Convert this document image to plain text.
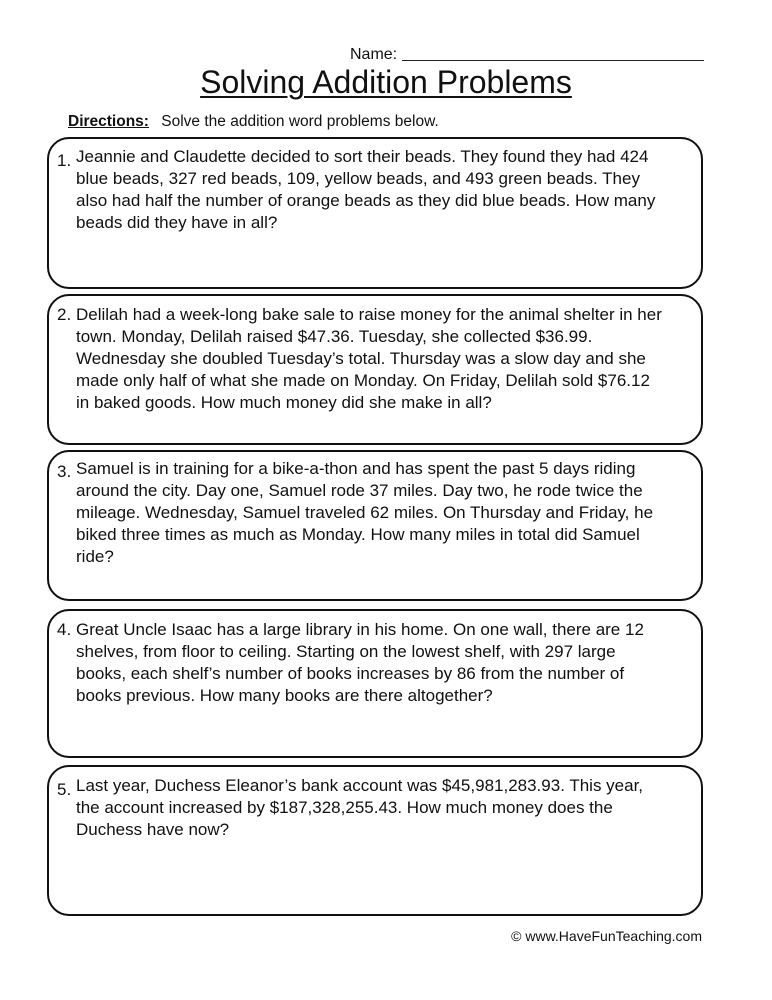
Name:
Solving Addition Problems
Directions: Solve the addition word problems below.
1. Jeannie and Claudette decided to sort their beads. They found they had 424
blue beads, 327 red beads, 109, yellow beads, and 493 green beads. They
also had half the number of orange beads as they did blue beads. How many
beads did they have in all?
2. Delilah had a week-long bake sale to raise money for the animal shelter in her
town. Monday, Delilah raised $47.36. Tuesday, she collected $36.99.
Wednesday she doubled Tuesday’s total. Thursday was a slow day and she
made only half of what she made on Monday. On Friday, Delilah sold $76.12
in baked goods. How much money did she make in all?
3. Samuel is in training for a bike-a-thon and has spent the past 5 days riding
around the city. Day one, Samuel rode 37 miles. Day two, he rode twice the
mileage. Wednesday, Samuel traveled 62 miles. On Thursday and Friday, he
biked three times as much as Monday. How many miles in total did Samuel
ride?
4. Great Uncle Isaac has a large library in his home. On one wall, there are 12
shelves, from floor to ceiling. Starting on the lowest shelf, with 297 large
books, each shelf’s number of books increases by 86 from the number of
books previous. How many books are there altogether?
5. Last year, Duchess Eleanor’s bank account was $45,981,283.93. This year,
the account increased by $187,328,255.43. How much money does the
Duchess have now?
© www.HaveFunTeaching.com
